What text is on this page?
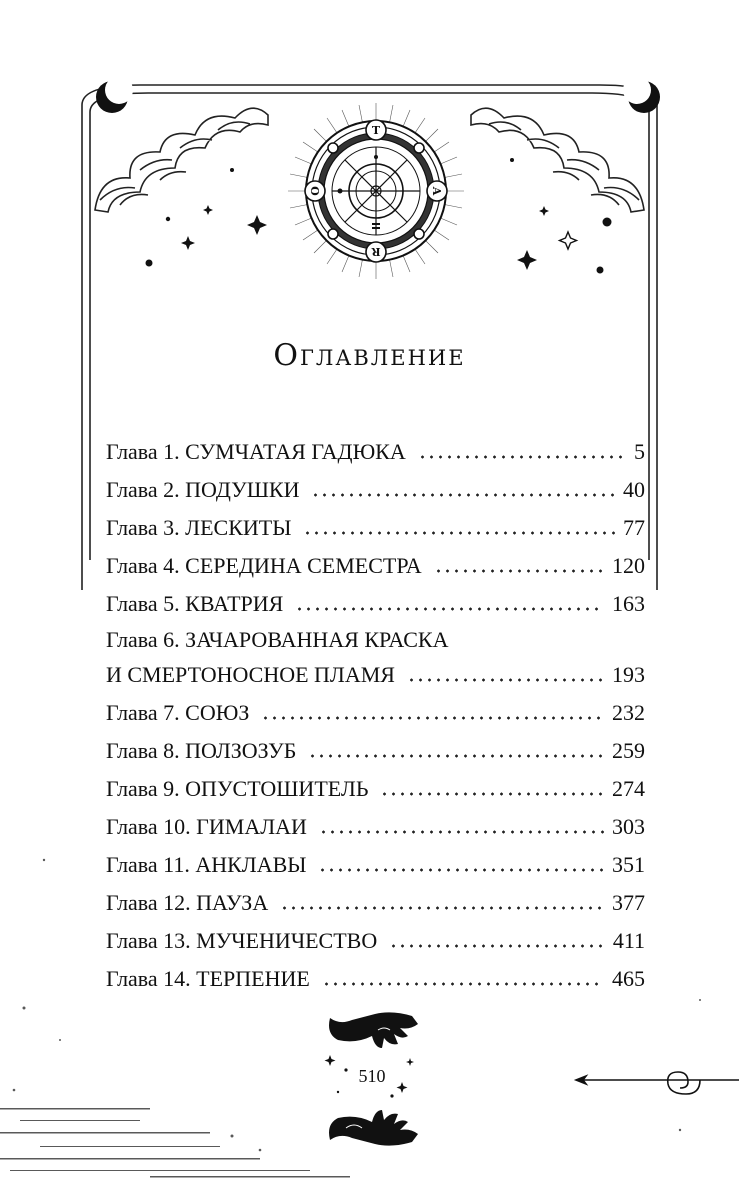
T
A
R
O
Оглавление
Глава 1. СУМЧАТАЯ ГАДЮКА	5
Глава 2. ПОДУШКИ	40
Глава 3. ЛЕСКИТЫ	77
Глава 4. СЕРЕДИНА СЕМЕСТРА	120
Глава 5. КВАТРИЯ	163
Глава 6. ЗАЧАРОВАННАЯ КРАСКА
И СМЕРТОНОСНОЕ ПЛАМЯ	193
Глава 7. СОЮЗ	232
Глава 8. ПОЛЗОЗУБ	259
Глава 9. ОПУСТОШИТЕЛЬ	274
Глава 10. ГИМАЛАИ	303
Глава 11. АНКЛАВЫ	351
Глава 12. ПАУЗА	377
Глава 13. МУЧЕНИЧЕСТВО	411
Глава 14. ТЕРПЕНИЕ	465
510
